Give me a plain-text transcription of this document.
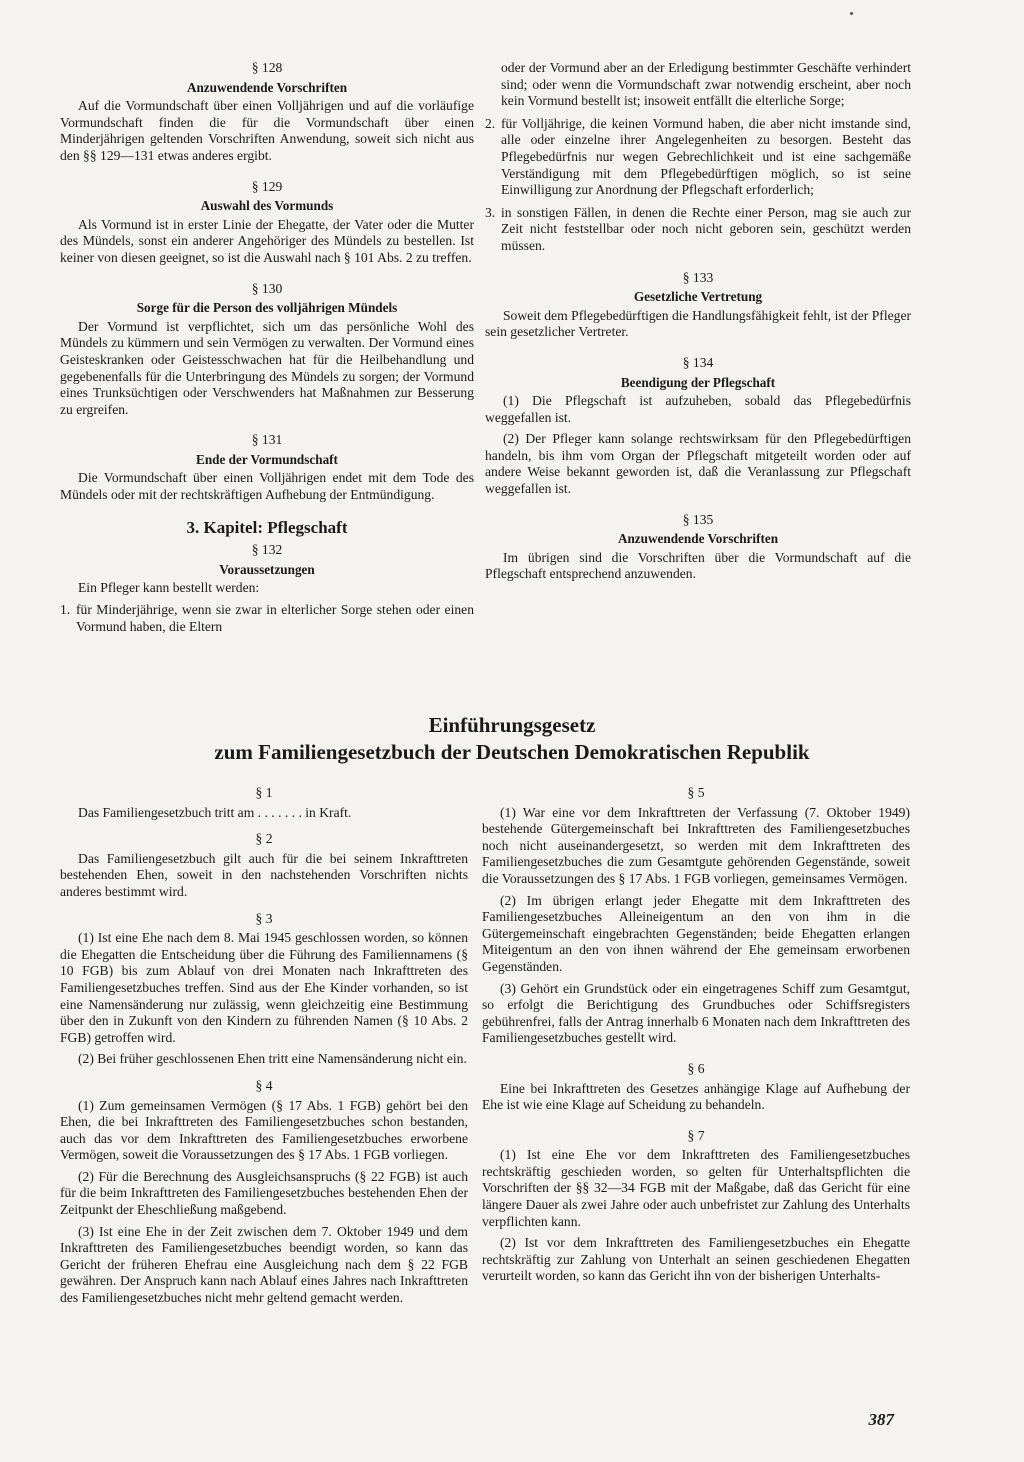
§ 128
Anzuwendende Vorschriften

Auf die Vormundschaft über einen Volljährigen und auf die vorläufige Vormundschaft finden die für die Vormundschaft über einen Minderjährigen geltenden Vorschriften Anwendung, soweit sich nicht aus den §§ 129—131 etwas anderes ergibt.

§ 129
Auswahl des Vormunds

Als Vormund ist in erster Linie der Ehegatte, der Vater oder die Mutter des Mündels, sonst ein anderer Angehöriger des Mündels zu bestellen. Ist keiner von diesen geeignet, so ist die Auswahl nach § 101 Abs. 2 zu treffen.

§ 130
Sorge für die Person des volljährigen Mündels

Der Vormund ist verpflichtet, sich um das persönliche Wohl des Mündels zu kümmern und sein Vermögen zu verwalten. Der Vormund eines Geisteskranken oder Geistesschwachen hat für die Heilbehandlung und gegebenenfalls für die Unterbringung des Mündels zu sorgen; der Vormund eines Trunksüchtigen oder Verschwenders hat Maßnahmen zur Besserung zu ergreifen.

§ 131
Ende der Vormundschaft

Die Vormundschaft über einen Volljährigen endet mit dem Tode des Mündels oder mit der rechtskräftigen Aufhebung der Entmündigung.

3. Kapitel: Pflegschaft
§ 132
Voraussetzungen

Ein Pfleger kann bestellt werden:

1. für Minderjährige, wenn sie zwar in elterlicher Sorge stehen oder einen Vormund haben, die Eltern
oder der Vormund aber an der Erledigung bestimmter Geschäfte verhindert sind; oder wenn die Vormundschaft zwar notwendig erscheint, aber noch kein Vormund bestellt ist; insoweit entfällt die elterliche Sorge;
2. für Volljährige, die keinen Vormund haben, die aber nicht imstande sind, alle oder einzelne ihrer Angelegenheiten zu besorgen. Besteht das Pflegebedürfnis nur wegen Gebrechlichkeit und ist eine sachgemäße Verständigung mit dem Pflegebedürftigen möglich, so ist seine Einwilligung zur Anordnung der Pflegschaft erforderlich;
3. in sonstigen Fällen, in denen die Rechte einer Person, mag sie auch zur Zeit nicht feststellbar oder noch nicht geboren sein, geschützt werden müssen.
§ 133
Gesetzliche Vertretung

Soweit dem Pflegebedürftigen die Handlungsfähigkeit fehlt, ist der Pfleger sein gesetzlicher Vertreter.

§ 134
Beendigung der Pflegschaft

(1) Die Pflegschaft ist aufzuheben, sobald das Pflegebedürfnis weggefallen ist.

(2) Der Pfleger kann solange rechtswirksam für den Pflegebedürftigen handeln, bis ihm vom Organ der Pflegschaft mitgeteilt worden oder auf andere Weise bekannt geworden ist, daß die Veranlassung zur Pflegschaft weggefallen ist.

§ 135
Anzuwendende Vorschriften

Im übrigen sind die Vorschriften über die Vormundschaft auf die Pflegschaft entsprechend anzuwenden.

Einführungsgesetz
zum Familiengesetzbuch der Deutschen Demokratischen Republik
§ 1

Das Familiengesetzbuch tritt am . . . . . . . in Kraft.

§ 2

Das Familiengesetzbuch gilt auch für die bei seinem Inkrafttreten bestehenden Ehen, soweit in den nachstehenden Vorschriften nichts anderes bestimmt wird.

§ 3

(1) Ist eine Ehe nach dem 8. Mai 1945 geschlossen worden, so können die Ehegatten die Entscheidung über die Führung des Familiennamens (§ 10 FGB) bis zum Ablauf von drei Monaten nach Inkrafttreten des Familiengesetzbuches treffen. Sind aus der Ehe Kinder vorhanden, so ist eine Namensänderung nur zulässig, wenn gleichzeitig eine Bestimmung über den in Zukunft von den Kindern zu führenden Namen (§ 10 Abs. 2 FGB) getroffen wird.

(2) Bei früher geschlossenen Ehen tritt eine Namensänderung nicht ein.

§ 4

(1) Zum gemeinsamen Vermögen (§ 17 Abs. 1 FGB) gehört bei den Ehen, die bei Inkrafttreten des Familiengesetzbuches schon bestanden, auch das vor dem Inkrafttreten des Familiengesetzbuches erworbene Vermögen, soweit die Voraussetzungen des § 17 Abs. 1 FGB vorliegen.

(2) Für die Berechnung des Ausgleichsanspruchs (§ 22 FGB) ist auch für die beim Inkrafttreten des Familiengesetzbuches bestehenden Ehen der Zeitpunkt der Eheschließung maßgebend.

(3) Ist eine Ehe in der Zeit zwischen dem 7. Oktober 1949 und dem Inkrafttreten des Familiengesetzbuches beendigt worden, so kann das Gericht der früheren Ehefrau eine Ausgleichung nach dem § 22 FGB gewähren. Der Anspruch kann nach Ablauf eines Jahres nach Inkrafttreten des Familiengesetzbuches nicht mehr geltend gemacht werden.

§ 5

(1) War eine vor dem Inkrafttreten der Verfassung (7. Oktober 1949) bestehende Gütergemeinschaft bei Inkrafttreten des Familiengesetzbuches noch nicht auseinandergesetzt, so werden mit dem Inkrafttreten des Familiengesetzbuches die zum Gesamtgute gehörenden Gegenstände, soweit die Voraussetzungen des § 17 Abs. 1 FGB vorliegen, gemeinsames Vermögen.

(2) Im übrigen erlangt jeder Ehegatte mit dem Inkrafttreten des Familiengesetzbuches Alleineigentum an den von ihm in die Gütergemeinschaft eingebrachten Gegenständen; beide Ehegatten erlangen Miteigentum an den von ihnen während der Ehe gemeinsam erworbenen Gegenständen.

(3) Gehört ein Grundstück oder ein eingetragenes Schiff zum Gesamtgut, so erfolgt die Berichtigung des Grundbuches oder Schiffsregisters gebührenfrei, falls der Antrag innerhalb 6 Monaten nach dem Inkrafttreten des Familiengesetzbuches gestellt wird.

§ 6

Eine bei Inkrafttreten des Gesetzes anhängige Klage auf Aufhebung der Ehe ist wie eine Klage auf Scheidung zu behandeln.

§ 7

(1) Ist eine Ehe vor dem Inkrafttreten des Familiengesetzbuches rechtskräftig geschieden worden, so gelten für Unterhaltspflichten die Vorschriften der §§ 32—34 FGB mit der Maßgabe, daß das Gericht für eine längere Dauer als zwei Jahre oder auch unbefristet zur Zahlung des Unterhalts verpflichten kann.

(2) Ist vor dem Inkrafttreten des Familiengesetzbuches ein Ehegatte rechtskräftig zur Zahlung von Unterhalt an seinen geschiedenen Ehegatten verurteilt worden, so kann das Gericht ihn von der bisherigen Unterhalts-

387
